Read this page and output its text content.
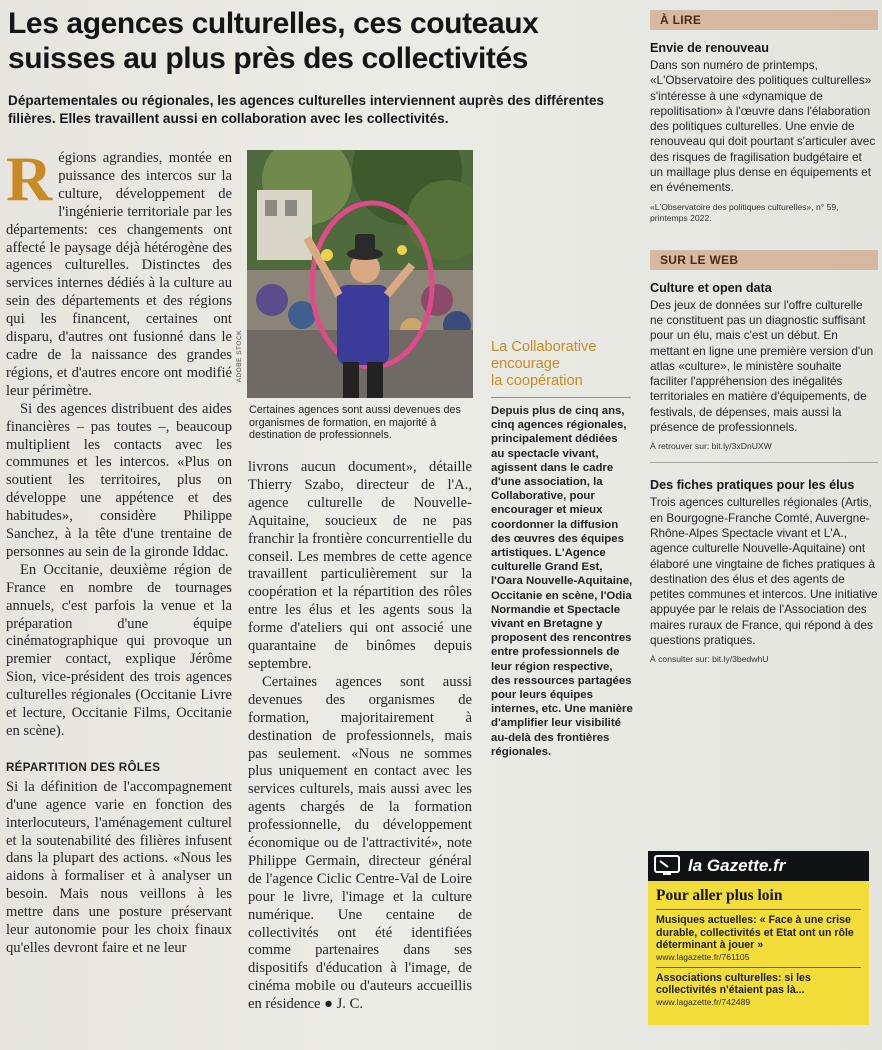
Les agences culturelles, ces couteaux suisses au plus près des collectivités

Départementales ou régionales, les agences culturelles interviennent auprès des différentes filières. Elles travaillent aussi en collaboration avec les collectivités.

Régions agrandies, montée en puissance des intercos sur la culture, développement de l'ingénierie territoriale par les départements: ces changements ont affecté le paysage déjà hétérogène des agences culturelles. Distinctes des services internes dédiés à la culture au sein des départements et des régions qui les financent, certaines ont disparu, d'autres ont fusionné dans le cadre de la naissance des grandes régions, et d'autres encore ont modifié leur périmètre.

Si des agences distribuent des aides financières – pas toutes –, beaucoup multiplient les contacts avec les communes et les intercos. «Plus on soutient les territoires, plus on développe une appétence et des habitudes», considère Philippe Sanchez, à la tête d'une trentaine de personnes au sein de la gironde Iddac.

En Occitanie, deuxième région de France en nombre de tournages annuels, c'est parfois la venue et la préparation d'une équipe cinématographique qui provoque un premier contact, explique Jérôme Sion, vice-président des trois agences culturelles régionales (Occitanie Livre et lecture, Occitanie Films, Occitanie en scène).

RÉPARTITION DES RÔLES

Si la définition de l'accompagnement d'une agence varie en fonction des interlocuteurs, l'aménagement culturel et la soutenabilité des filières infusent dans la plupart des actions. «Nous les aidons à formaliser et à analyser un besoin. Mais nous veillons à les mettre dans une posture préservant leur autonomie pour les choix finaux qu'elles devront faire et ne leur

ADOBE STOCK

Certaines agences sont aussi devenues des organismes de formation, en majorité à destination de professionnels.

livrons aucun document», détaille Thierry Szabo, directeur de l'A., agence culturelle de Nouvelle-Aquitaine, soucieux de ne pas franchir la frontière concurrentielle du conseil. Les membres de cette agence travaillent particulièrement sur la coopération et la répartition des rôles entre les élus et les agents sous la forme d'ateliers qui ont associé une quarantaine de binômes depuis septembre.

Certaines agences sont aussi devenues des organismes de formation, majoritairement à destination de professionnels, mais pas seulement. «Nous ne sommes plus uniquement en contact avec les services culturels, mais aussi avec les agents chargés de la formation professionnelle, du développement économique ou de l'attractivité», note Philippe Germain, directeur général de l'agence Ciclic Centre-Val de Loire pour le livre, l'image et la culture numérique. Une centaine de collectivités ont été identifiées comme partenaires dans ses dispositifs d'éducation à l'image, de cinéma mobile ou d'auteurs accueillis en résidence ● J. C.

La Collaborative
encourage
la coopération

Depuis plus de cinq ans, cinq agences régionales, principalement dédiées au spectacle vivant, agissent dans le cadre d'une association, la Collaborative, pour encourager et mieux coordonner la diffusion des œuvres des équipes artistiques. L'Agence culturelle Grand Est, l'Oara Nouvelle-Aquitaine, Occitanie en scène, l'Odia Normandie et Spectacle vivant en Bretagne y proposent des rencontres entre professionnels de leur région respective, des ressources partagées pour leurs équipes internes, etc. Une manière d'amplifier leur visibilité au-delà des frontières régionales.

À LIRE
Envie de renouveau

Dans son numéro de printemps, «L'Observatoire des politiques culturelles» s'intéresse à une «dynamique de repolitisation» à l'œuvre dans l'élaboration des politiques culturelles. Une envie de renouveau qui doit pourtant s'articuler avec des risques de fragilisation budgétaire et un maillage plus dense en équipements et en événements.

«L'Observatoire des politiques culturelles», n° 59, printemps 2022.

SUR LE WEB
Culture et open data

Des jeux de données sur l'offre culturelle ne constituent pas un diagnostic suffisant pour un élu, mais c'est un début. En mettant en ligne une première version d'un atlas «culture», le ministère souhaite faciliter l'appréhension des inégalités territoriales en matière d'équipements, de festivals, de dépenses, mais aussi la présence de professionnels.

À retrouver sur: bit.ly/3xDnUXW

Des fiches pratiques pour les élus

Trois agences culturelles régionales (Artis, en Bourgogne-Franche Comté, Auvergne-Rhône-Alpes Spectacle vivant et L'A., agence culturelle Nouvelle-Aquitaine) ont élaboré une vingtaine de fiches pratiques à destination des élus et des agents de petites communes et intercos. Une initiative appuyée par le relais de l'Association des maires ruraux de France, qui répond à des questions pratiques.

À consulter sur: bit.ly/3bedwhU

la Gazette.fr
Pour aller plus loin

Musiques actuelles: « Face à une crise durable, collectivités et Etat ont un rôle déterminant à jouer »

www.lagazette.fr/761105

Associations culturelles: si les collectivités n'étaient pas là...

www.lagazette.fr/742489
